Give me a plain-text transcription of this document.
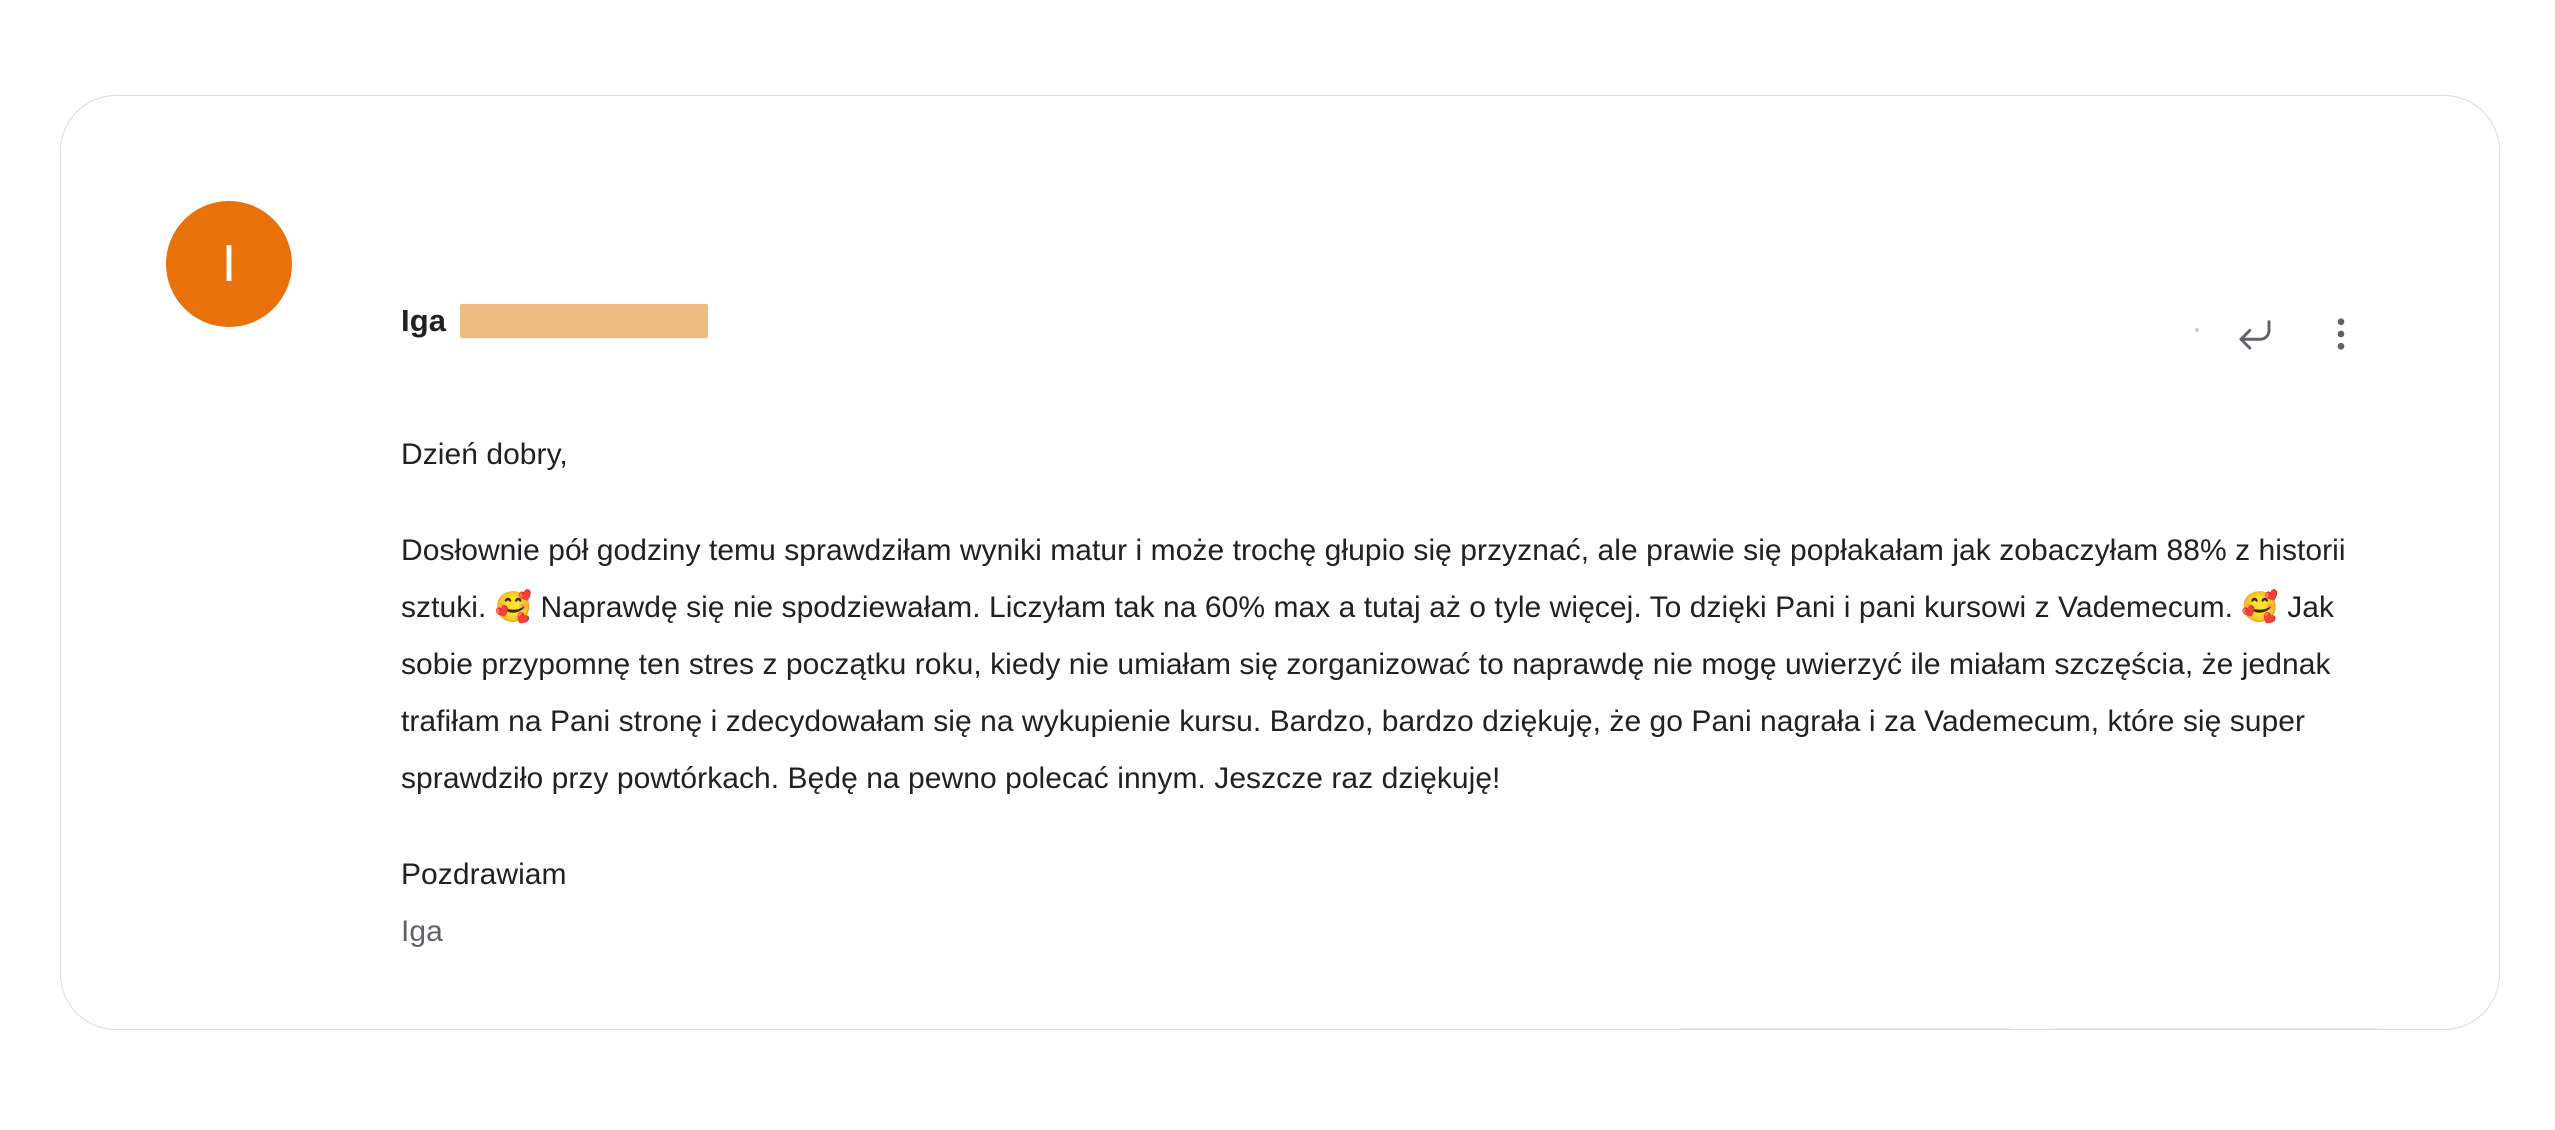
I
Iga

Dzień dobry,

Dosłownie pół godziny temu sprawdziłam wyniki matur i może trochę głupio się przyznać, ale prawie się popłakałam jak zobaczyłam 88% z historii sztuki. 🥰 Naprawdę się nie spodziewałam. Liczyłam tak na 60% max a tutaj aż o tyle więcej. To dzięki Pani i pani kursowi z Vademecum. 🥰 Jak sobie przypomnę ten stres z początku roku, kiedy nie umiałam się zorganizować to naprawdę nie mogę uwierzyć ile miałam szczęścia, że jednak trafiłam na Pani stronę i zdecydowałam się na wykupienie kursu. Bardzo, bardzo dziękuję, że go Pani nagrała i za Vademecum, które się super sprawdziło przy powtórkach. Będę na pewno polecać innym. Jeszcze raz dziękuję!

Pozdrawiam

Iga
